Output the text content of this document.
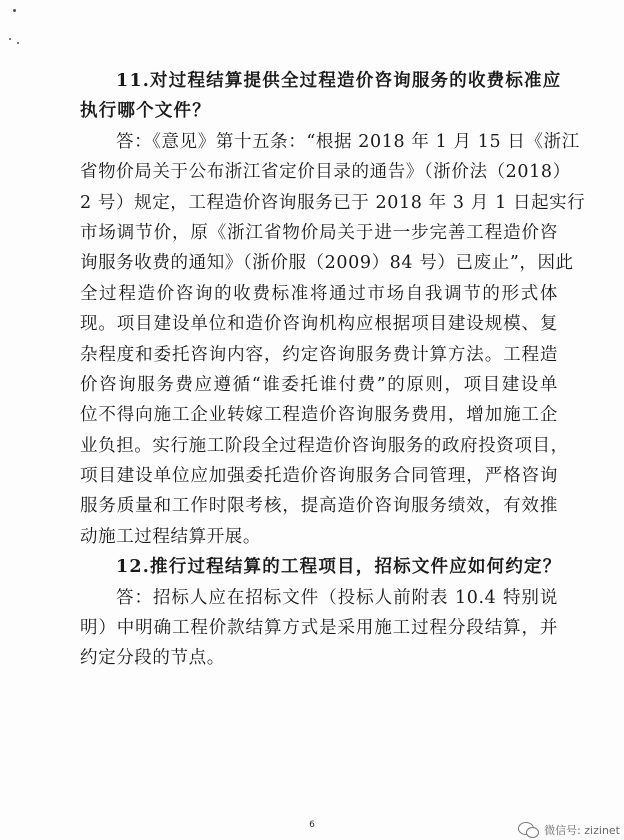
11.对过程结算提供全过程造价咨询服务的收费标准应
执行哪个文件？
答：《意见》第十五条：“根据 2018 年 1 月 15 日《浙江
省物价局关于公布浙江省定价目录的通告》（浙价法（2018）
2 号）规定，工程造价咨询服务已于 2018 年 3 月 1 日起实行
市场调节价，原《浙江省物价局关于进一步完善工程造价咨
询服务收费的通知》（浙价服（2009）84 号）已废止”，因此
全过程造价咨询的收费标准将通过市场自我调节的形式体
现。项目建设单位和造价咨询机构应根据项目建设规模、复
杂程度和委托咨询内容，约定咨询服务费计算方法。工程造
价咨询服务费应遵循“谁委托谁付费”的原则，项目建设单
位不得向施工企业转嫁工程造价咨询服务费用，增加施工企
业负担。实行施工阶段全过程造价咨询服务的政府投资项目，
项目建设单位应加强委托造价咨询服务合同管理，严格咨询
服务质量和工作时限考核，提高造价咨询服务绩效，有效推
动施工过程结算开展。
12.推行过程结算的工程项目，招标文件应如何约定？
答：招标人应在招标文件（投标人前附表 10.4 特别说
明）中明确工程价款结算方式是采用施工过程分段结算，并
约定分段的节点。
6	微信号: zizinet
